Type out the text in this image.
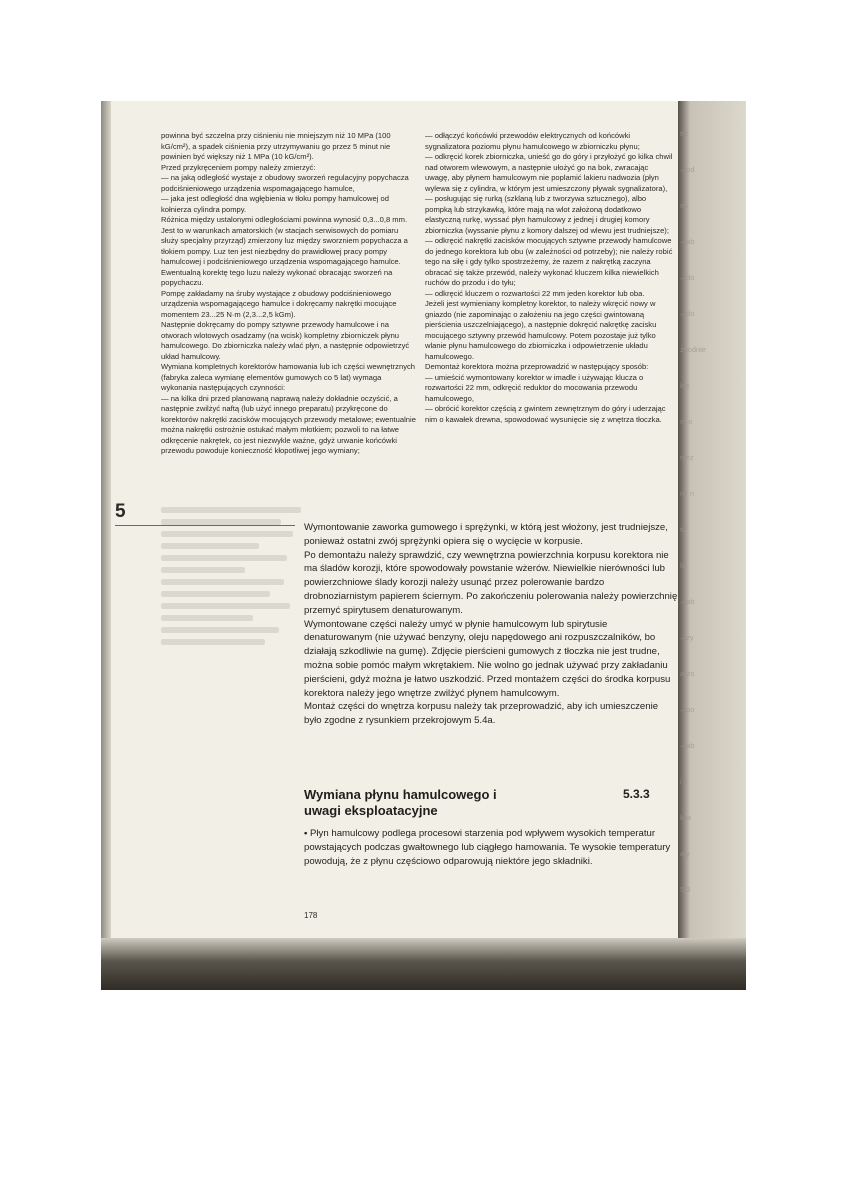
trz
– od
mi
– ab
– do
– do
zgodnie
kię
m o
niez
ny n
tu
la
– ab
– zy
arzo
– po
– ab
i z
k w
aty
5.3

powinna być szczelna przy ciśnieniu nie mniejszym niż 10 MPa (100 kG/cm²), a spadek ciśnienia przy utrzymywaniu go przez 5 minut nie powinien być większy niż 1 MPa (10 kG/cm²).

Przed przykręceniem pompy należy zmierzyć:

— na jaką odległość wystaje z obudowy sworzeń regulacyjny popychacza podciśnieniowego urządzenia wspomagającego hamulce,

— jaka jest odległość dna wgłębienia w tłoku pompy hamulcowej od kołnierza cylindra pompy.

Różnica między ustalonymi odległościami powinna wynosić 0,3...0,8 mm. Jest to w warunkach amatorskich (w stacjach serwisowych do pomiaru służy specjalny przyrząd) zmierzony luz między sworzniem popychacza a tłokiem pompy. Luz ten jest niezbędny do prawidłowej pracy pompy hamulcowej i podciśnieniowego urządzenia wspomagającego hamulce. Ewentualną korektę tego luzu należy wykonać obracając sworzeń na popychaczu.

Pompę zakładamy na śruby wystające z obudowy podciśnieniowego urządzenia wspomagającego hamulce i dokręcamy nakrętki mocujące momentem 23...25 N·m (2,3...2,5 kGm).

Następnie dokręcamy do pompy sztywne przewody hamulcowe i na otworach wlotowych osadzamy (na wcisk) kompletny zbiorniczek płynu hamulcowego. Do zbiorniczka należy wlać płyn, a następnie odpowietrzyć układ hamulcowy.

Wymiana kompletnych korektorów hamowania lub ich części wewnętrznych (fabryka zaleca wymianę elementów gumowych co 5 lat) wymaga wykonania następujących czynności:

— na kilka dni przed planowaną naprawą należy dokładnie oczyścić, a następnie zwilżyć naftą (lub użyć innego preparatu) przykręcone do korektorów nakrętki zacisków mocujących przewody metalowe; ewentualnie można nakrętki ostrożnie ostukać małym młotkiem; pozwoli to na łatwe odkręcenie nakrętek, co jest niezwykle ważne, gdyż urwanie końcówki przewodu powoduje konieczność kłopotliwej jego wymiany;

— odłączyć końcówki przewodów elektrycznych od końcówki sygnalizatora poziomu płynu hamulcowego w zbiorniczku płynu;

— odkręcić korek zbiorniczka, unieść go do góry i przyłożyć go kilka chwil nad otworem wlewowym, a następnie ułożyć go na bok, zwracając uwagę, aby płynem hamulcowym nie poplamić lakieru nadwozia (płyn wylewa się z cylindra, w którym jest umieszczony pływak sygnalizatora),

— posługując się rurką (szklaną lub z tworzywa sztucznego), albo pompką lub strzykawką, które mają na wlot założoną dodatkowo elastyczną rurkę, wyssać płyn hamulcowy z jednej i drugiej komory zbiorniczka (wyssanie płynu z komory dalszej od wlewu jest trudniejsze);

— odkręcić nakrętki zacisków mocujących sztywne przewody hamulcowe do jednego korektora lub obu (w zależności od potrzeby); nie należy robić tego na siłę i gdy tylko spostrzeżemy, że razem z nakrętką zaczyna obracać się także przewód, należy wykonać kluczem kilka niewielkich ruchów do przodu i do tyłu;

— odkręcić kluczem o rozwartości 22 mm jeden korektor lub oba.

Jeżeli jest wymieniany kompletny korektor, to należy wkręcić nowy w gniazdo (nie zapominając o założeniu na jego części gwintowaną pierścienia uszczelniającego), a następnie dokręcić nakrętkę zacisku mocującego sztywny przewód hamulcowy. Potem pozostaje już tylko wlanie płynu hamulcowego do zbiorniczka i odpowietrzenie układu hamulcowego.

Demontaż korektora można przeprowadzić w następujący sposób:

— umieścić wymontowany korektor w imadle i używając klucza o rozwartości 22 mm, odkręcić reduktor do mocowania przewodu hamulcowego,

— obrócić korektor częścią z gwintem zewnętrznym do góry i uderzając nim o kawałek drewna, spowodować wysunięcie się z wnętrza tłoczka.

5

Wymontowanie zaworka gumowego i sprężynki, w którą jest włożony, jest trudniejsze, ponieważ ostatni zwój sprężynki opiera się o wycięcie w korpusie.

Po demontażu należy sprawdzić, czy wewnętrzna powierzchnia korpusu korektora nie ma śladów korozji, które spowodowały powstanie wżerów. Niewielkie nierówności lub powierzchniowe ślady korozji należy usunąć przez polerowanie bardzo drobnoziarnistym papierem ściernym. Po zakończeniu polerowania należy powierzchnię przemyć spirytusem denaturowanym.

Wymontowane części należy umyć w płynie hamulcowym lub spirytusie denaturowanym (nie używać benzyny, oleju napędowego ani rozpuszczalników, bo działają szkodliwie na gumę). Zdjęcie pierścieni gumowych z tłoczka nie jest trudne, można sobie pomóc małym wkrętakiem. Nie wolno go jednak używać przy zakładaniu pierścieni, gdyż można je łatwo uszkodzić. Przed montażem części do środka korpusu korektora należy jego wnętrze zwilżyć płynem hamulcowym.

Montaż części do wnętrza korpusu należy tak przeprowadzić, aby ich umieszczenie było zgodne z rysunkiem przekrojowym 5.4a.

Wymiana płynu hamulcowego i uwagi eksploatacyjne
5.3.3
• Płyn hamulcowy podlega procesowi starzenia pod wpływem wysokich temperatur powstających podczas gwałtownego lub ciągłego hamowania. Te wysokie temperatury powodują, że z płynu częściowo odparowują niektóre jego składniki.
178
